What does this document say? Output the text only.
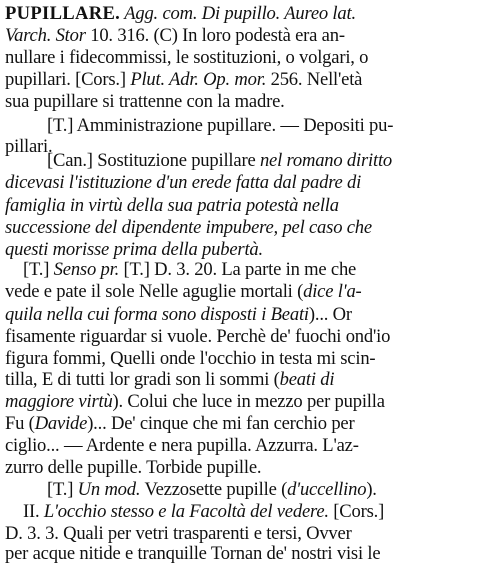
PUPILLARE. Agg. com. Di pupillo. Aureo lat.
Varch. Stor 10. 316. (C) In loro podestà era an-
nullare i fidecommissi, le sostituzioni, o volgari, o
pupillari. [Cors.] Plut. Adr. Op. mor. 256. Nell'età
sua pupillare si trattenne con la madre.
[T.] Amministrazione pupillare. — Depositi pu-
pillari.
[Can.] Sostituzione pupillare nel romano diritto
dicevasi l'istituzione d'un erede fatta dal padre di
famiglia in virtù della sua patria potestà nella
successione del dipendente impubere, pel caso che
questi morisse prima della pubertà.
[T.] Senso pr. [T.] D. 3. 20. La parte in me che
vede e pate il sole Nelle aguglie mortali (dice l'a-
quila nella cui forma sono disposti i Beati)... Or
fisamente riguardar si vuole. Perchè de' fuochi ond'io
figura fommi, Quelli onde l'occhio in testa mi scin-
tilla, E di tutti lor gradi son li sommi (beati di
maggiore virtù). Colui che luce in mezzo per pupilla
Fu (Davide)... De' cinque che mi fan cerchio per
ciglio... — Ardente e nera pupilla. Azzurra. L'az-
zurro delle pupille. Torbide pupille.
[T.] Un mod. Vezzosette pupille (d'uccellino).
II. L'occhio stesso e la Facoltà del vedere. [Cors.]
D. 3. 3. Quali per vetri trasparenti e tersi, Ovver
per acque nitide e tranquille Tornan de' nostri visi le
